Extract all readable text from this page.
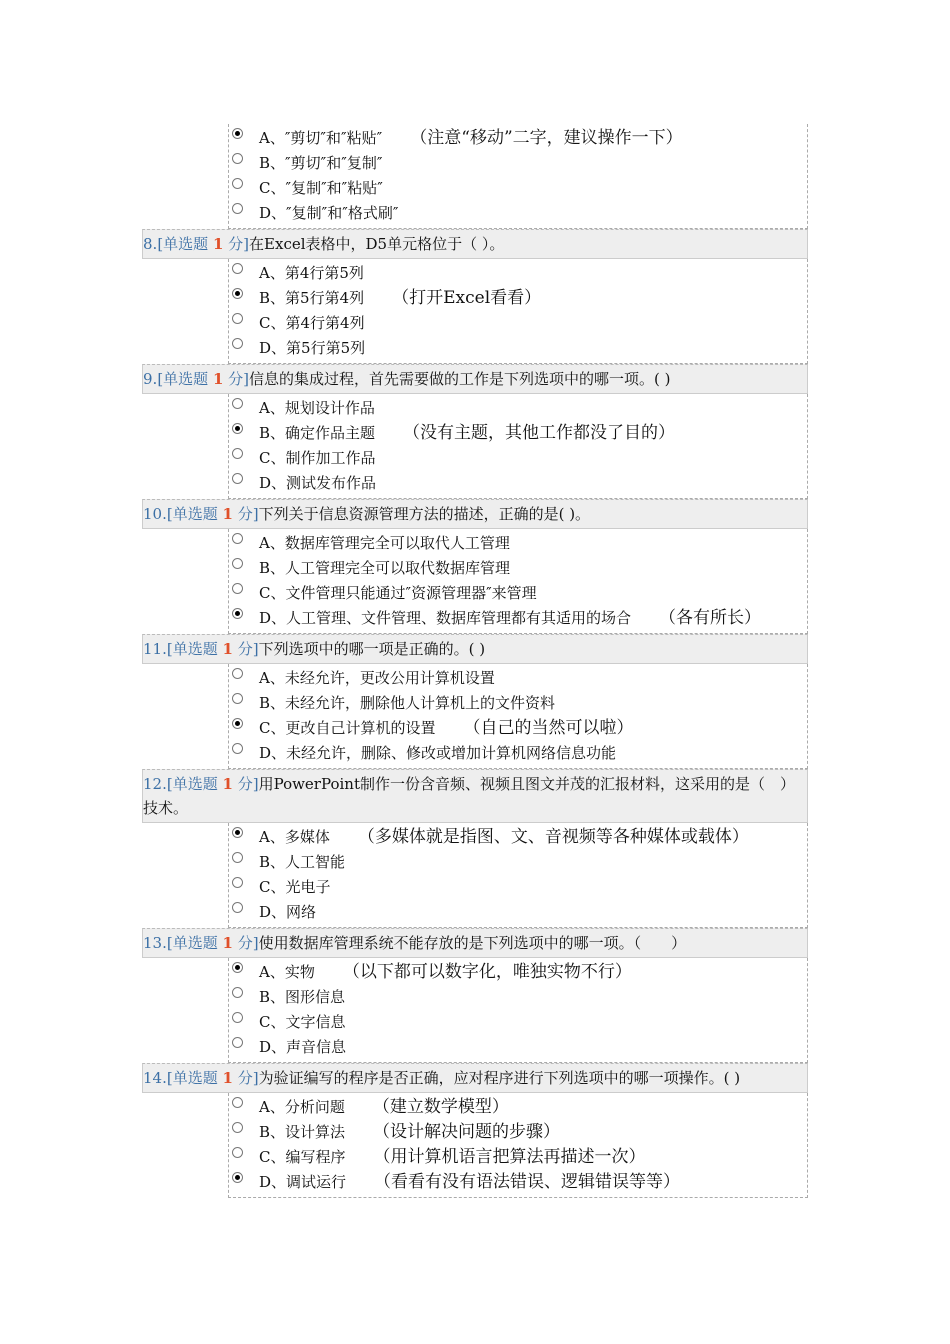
A、″剪切″和″粘贴″ （注意“移动”二字，建议操作一下）
B、″剪切″和″复制″
C、″复制″和″粘贴″
D、″复制″和″格式刷″
8.[单选题 1 分]在Excel表格中，D5单元格位于（ ）。
A、第4行第5列
B、第5行第4列 （打开Excel看看）
C、第4行第4列
D、第5行第5列
9.[单选题 1 分]信息的集成过程，首先需要做的工作是下列选项中的哪一项。( )
A、规划设计作品
B、确定作品主题 （没有主题，其他工作都没了目的）
C、制作加工作品
D、测试发布作品
10.[单选题 1 分]下列关于信息资源管理方法的描述，正确的是( )。
A、数据库管理完全可以取代人工管理
B、人工管理完全可以取代数据库管理
C、文件管理只能通过″资源管理器″来管理
D、人工管理、文件管理、数据库管理都有其适用的场合 （各有所长）
11.[单选题 1 分]下列选项中的哪一项是正确的。( )
A、未经允许，更改公用计算机设置
B、未经允许，删除他人计算机上的文件资料
C、更改自己计算机的设置 （自己的当然可以啦）
D、未经允许，删除、修改或增加计算机网络信息功能
12.[单选题 1 分]用PowerPoint制作一份含音频、视频且图文并茂的汇报材料，这采用的是（　）技术。
A、多媒体 （多媒体就是指图、文、音视频等各种媒体或载体）
B、人工智能
C、光电子
D、网络
13.[单选题 1 分]使用数据库管理系统不能存放的是下列选项中的哪一项。（　　）
A、实物 （以下都可以数字化，唯独实物不行）
B、图形信息
C、文字信息
D、声音信息
14.[单选题 1 分]为验证编写的程序是否正确，应对程序进行下列选项中的哪一项操作。( )
A、分析问题 （建立数学模型）
B、设计算法 （设计解决问题的步骤）
C、编写程序 （用计算机语言把算法再描述一次）
D、调试运行 （看看有没有语法错误、逻辑错误等等）
